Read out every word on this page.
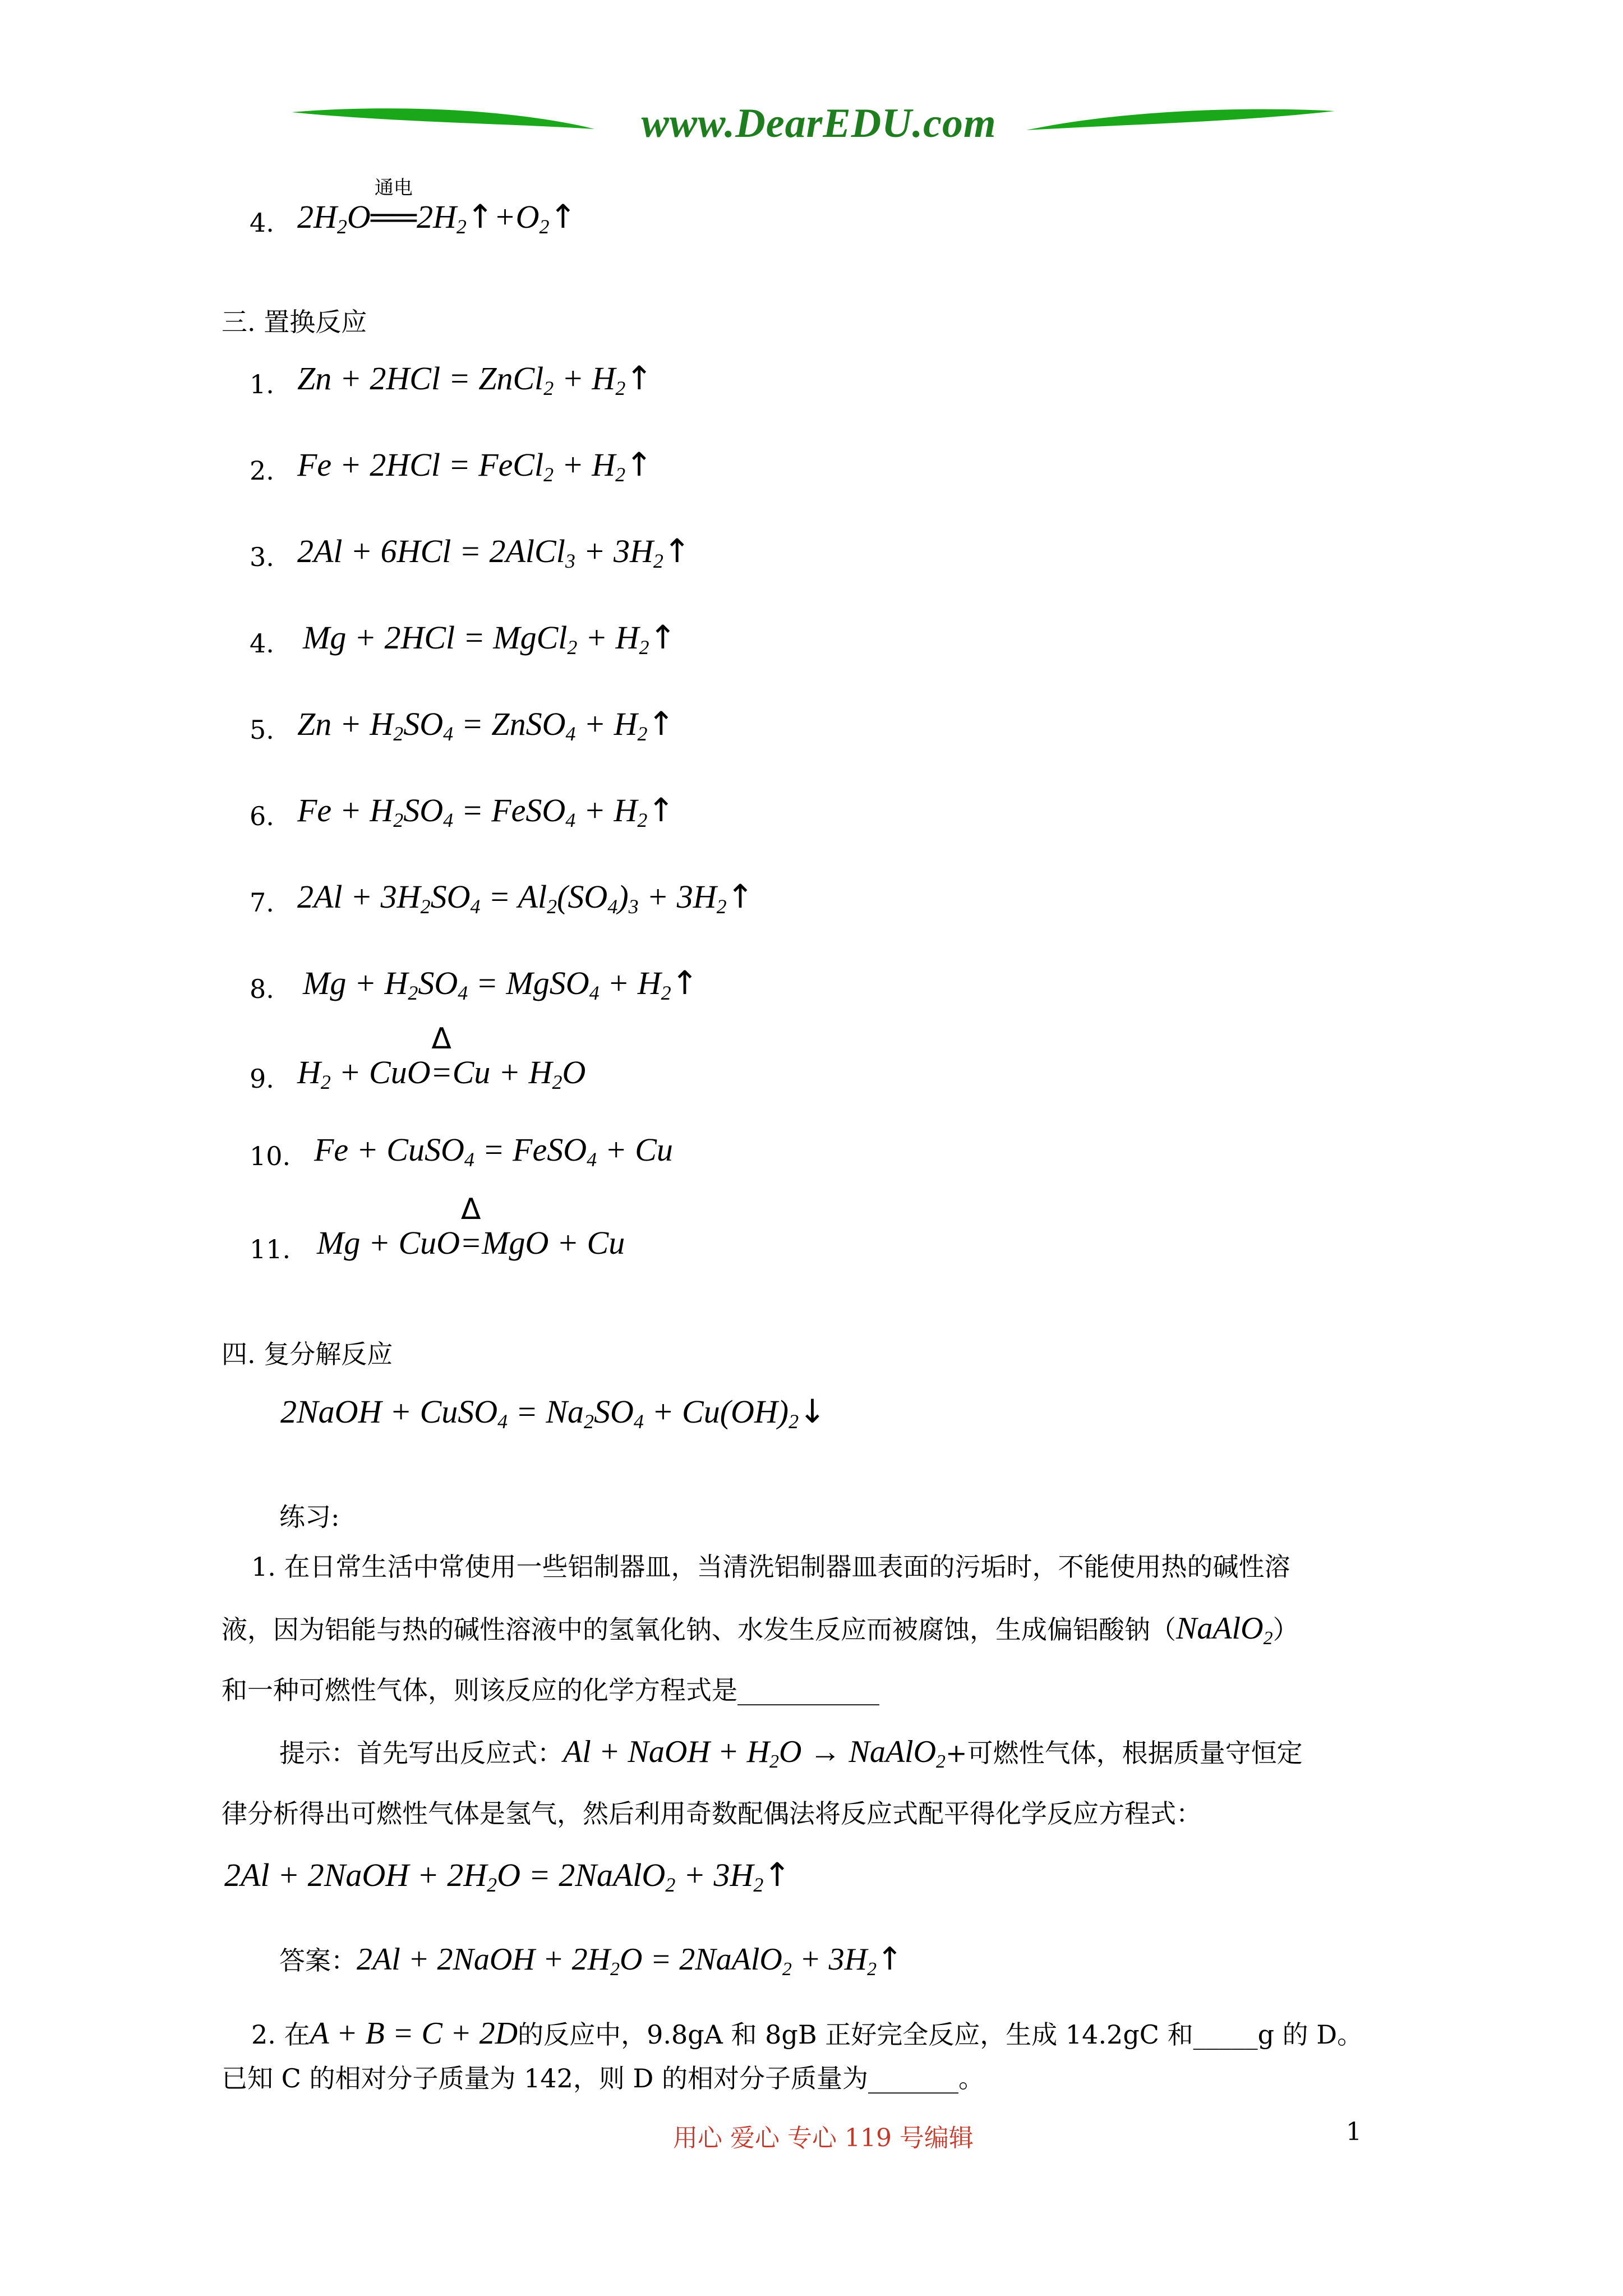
www.DearEDU.com
4. $2H_2O$
通电
$══2H_2↑+O_2↑$
三. 置换反应
1. Zn + 2HCl = ZnCl$_2$ + $H_2↑$
2. Fe + 2HCl = FeCl$_2$ + $H_2↑$
3. 2Al + 6HCl = 2AlCl$_3$ + $3H_2↑$
4. Mg + 2HCl = MgCl$_2$ + $H_2↑$
5. $Zn + H_2SO_4$ = ZnSO$_4$ + $H_2↑$
6. $Fe + H_2SO_4$ = FeSO$_4$ + $H_2↑$
7. $2Al + 3H_2SO_4 = Al_2(SO_4)_3$ + $3H_2↑$
8. $Mg + H_2SO_4$ = MgSO$_4$ + $H_2↑$
9. $H_2$ + CuO
Δ
$=Cu + H_2O$
10. Fe + CuSO$_4$ = FeSO$_4$ + Cu
11. Mg + CuO
Δ
=MgO + Cu
四. 复分解反应
2NaOH + CuSO$_4$ = $Na_2SO_4$ + $Cu(OH)_2↓$
练习:
1. 在日常生活中常使用一些铝制器皿，当清洗铝制器皿表面的污垢时，不能使用热的碱性溶
液，因为铝能与热的碱性溶液中的氢氧化钠、水发生反应而被腐蚀，生成偏铝酸钠（NaAlO$_2$）
和一种可燃性气体，则该反应的化学方程式是___________
提示：首先写出反应式：Al + NaOH + $H_2O$ → NaAlO$_2$+可燃性气体，根据质量守恒定
律分析得出可燃性气体是氢气，然后利用奇数配偶法将反应式配平得化学反应方程式：
2Al + 2NaOH + $2H_2O$ = 2NaAlO$_2$ + $3H_2↑$
答案：2Al + 2NaOH + $2H_2O$ = 2NaAlO$_2$ + $3H_2↑$
2. 在A + B = C + 2D的反应中，9.8gA 和 8gB 正好完全反应，生成 14.2gC 和_____g 的 D。
已知 C 的相对分子质量为 142，则 D 的相对分子质量为_______。
用心 爱心 专心 119 号编辑	1
